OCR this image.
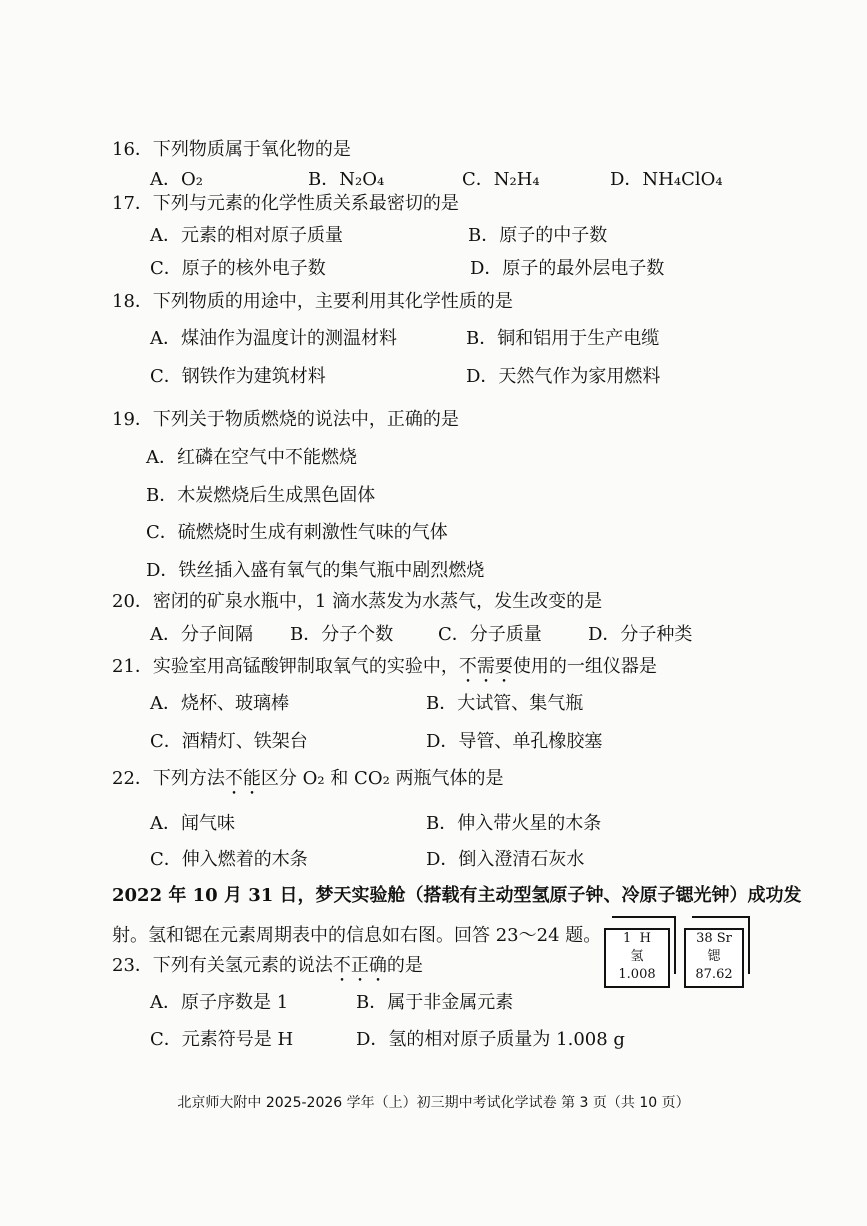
16．下列物质属于氧化物的是
A．O₂	B．N₂O₄	C．N₂H₄	D．NH₄ClO₄
17．下列与元素的化学性质关系最密切的是
A．元素的相对原子质量	B．原子的中子数
C．原子的核外电子数	D．原子的最外层电子数
18．下列物质的用途中，主要利用其化学性质的是
A．煤油作为温度计的测温材料	B．铜和铝用于生产电缆
C．钢铁作为建筑材料	D．天然气作为家用燃料
19．下列关于物质燃烧的说法中，正确的是
A．红磷在空气中不能燃烧
B．木炭燃烧后生成黑色固体
C．硫燃烧时生成有刺激性气味的气体
D．铁丝插入盛有氧气的集气瓶中剧烈燃烧
20．密闭的矿泉水瓶中，1 滴水蒸发为水蒸气，发生改变的是
A．分子间隔 B．分子个数 C．分子质量	D．分子种类
21．实验室用高锰酸钾制取氧气的实验中，不需要使用的一组仪器是
A．烧杯、玻璃棒	B．大试管、集气瓶
C．酒精灯、铁架台	D．导管、单孔橡胶塞
22．下列方法不能区分 O₂ 和 CO₂ 两瓶气体的是
A．闻气味	B．伸入带火星的木条
C．伸入燃着的木条	D．倒入澄清石灰水
2022 年 10 月 31 日，梦天实验舱（搭载有主动型氢原子钟、冷原子锶光钟）成功发
射。氢和锶在元素周期表中的信息如右图。回答 23～24 题。	1 H
氢
1.008
38 Sr
锶
87.62
23．下列有关氢元素的说法不正确的是
A．原子序数是 1	B．属于非金属元素
C．元素符号是 H	D．氢的相对原子质量为 1.008 g
北京师大附中 2025-2026 学年（上）初三期中考试化学试卷 第 3 页（共 10 页）
